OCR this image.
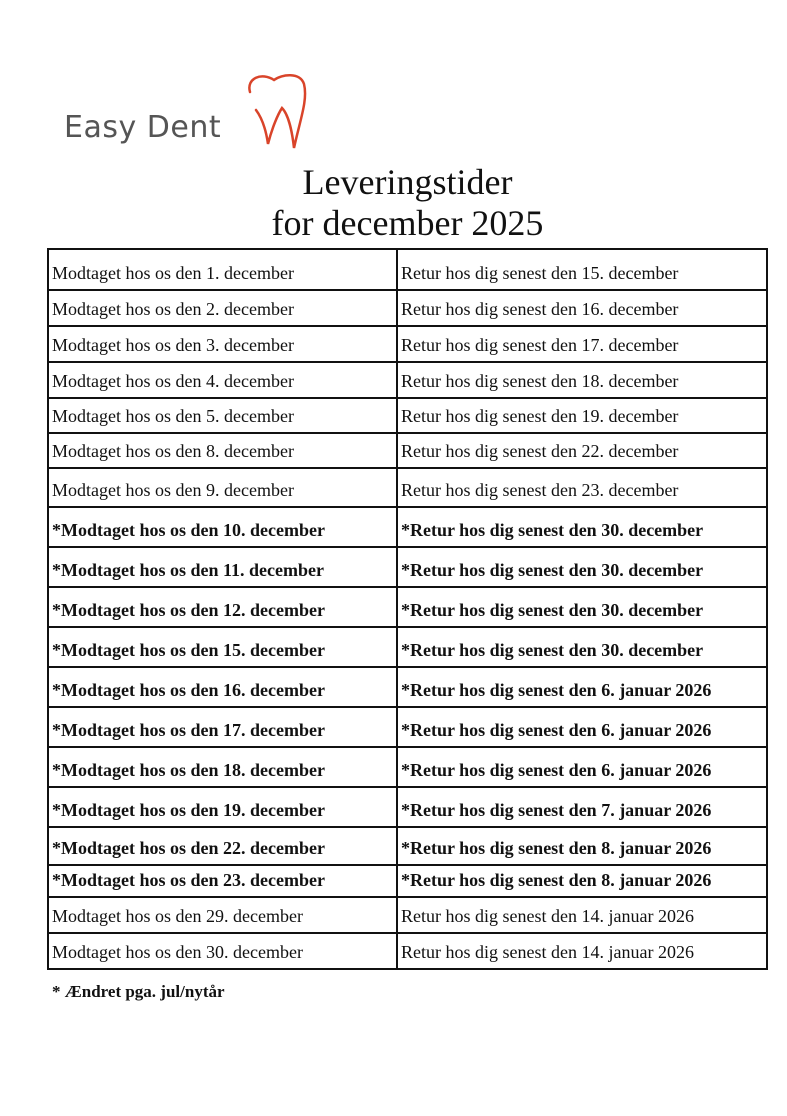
Easy Dent
Leveringstider
for december 2025
Modtaget hos os den 1. december	Retur hos dig senest den 15. december
Modtaget hos os den 2. december	Retur hos dig senest den 16. december
Modtaget hos os den 3. december	Retur hos dig senest den 17. december
Modtaget hos os den 4. december	Retur hos dig senest den 18. december
Modtaget hos os den 5. december	Retur hos dig senest den 19. december
Modtaget hos os den 8. december	Retur hos dig senest den 22. december
Modtaget hos os den 9. december	Retur hos dig senest den 23. december
*Modtaget hos os den 10. december	*Retur hos dig senest den 30. december
*Modtaget hos os den 11. december	*Retur hos dig senest den 30. december
*Modtaget hos os den 12. december	*Retur hos dig senest den 30. december
*Modtaget hos os den 15. december	*Retur hos dig senest den 30. december
*Modtaget hos os den 16. december	*Retur hos dig senest den 6. januar 2026
*Modtaget hos os den 17. december	*Retur hos dig senest den 6. januar 2026
*Modtaget hos os den 18. december	*Retur hos dig senest den 6. januar 2026
*Modtaget hos os den 19. december	*Retur hos dig senest den 7. januar 2026
*Modtaget hos os den 22. december	*Retur hos dig senest den 8. januar 2026
*Modtaget hos os den 23. december	*Retur hos dig senest den 8. januar 2026
Modtaget hos os den 29. december	Retur hos dig senest den 14. januar 2026
Modtaget hos os den 30. december	Retur hos dig senest den 14. januar 2026
* Ændret pga. jul/nytår
